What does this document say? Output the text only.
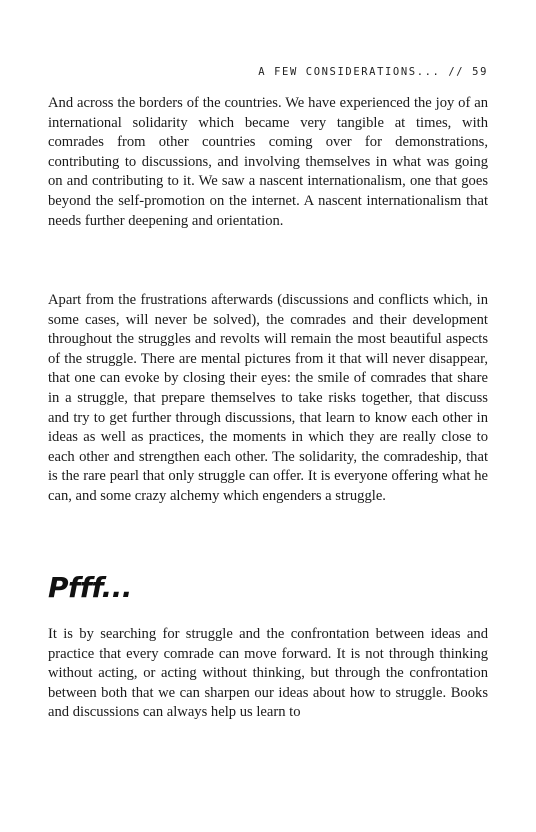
A FEW CONSIDERATIONS... // 59

And across the borders of the countries. We have experienced the joy of an international solidarity which became very tangible at times, with comrades from other countries coming over for demonstrations, contributing to discussions, and involving themselves in what was going on and contributing to it. We saw a nascent internationalism, one that goes beyond the self-promotion on the internet. A nascent internationalism that needs further deepening and orientation.

Apart from the frustrations afterwards (discussions and conflicts which, in some cases, will never be solved), the comrades and their development throughout the struggles and revolts will remain the most beautiful aspects of the struggle. There are mental pictures from it that will never disappear, that one can evoke by closing their eyes: the smile of comrades that share in a struggle, that prepare themselves to take risks together, that discuss and try to get further through discussions, that learn to know each other in ideas as well as practices, the moments in which they are really close to each other and strengthen each other. The solidarity, the comradeship, that is the rare pearl that only struggle can offer. It is everyone offering what he can, and some crazy alchemy which engenders a struggle.

Pfff...

It is by searching for struggle and the confrontation between ideas and practice that every comrade can move forward. It is not through thinking without acting, or acting without thinking, but through the confrontation between both that we can sharpen our ideas about how to struggle. Books and discussions can always help us learn to
